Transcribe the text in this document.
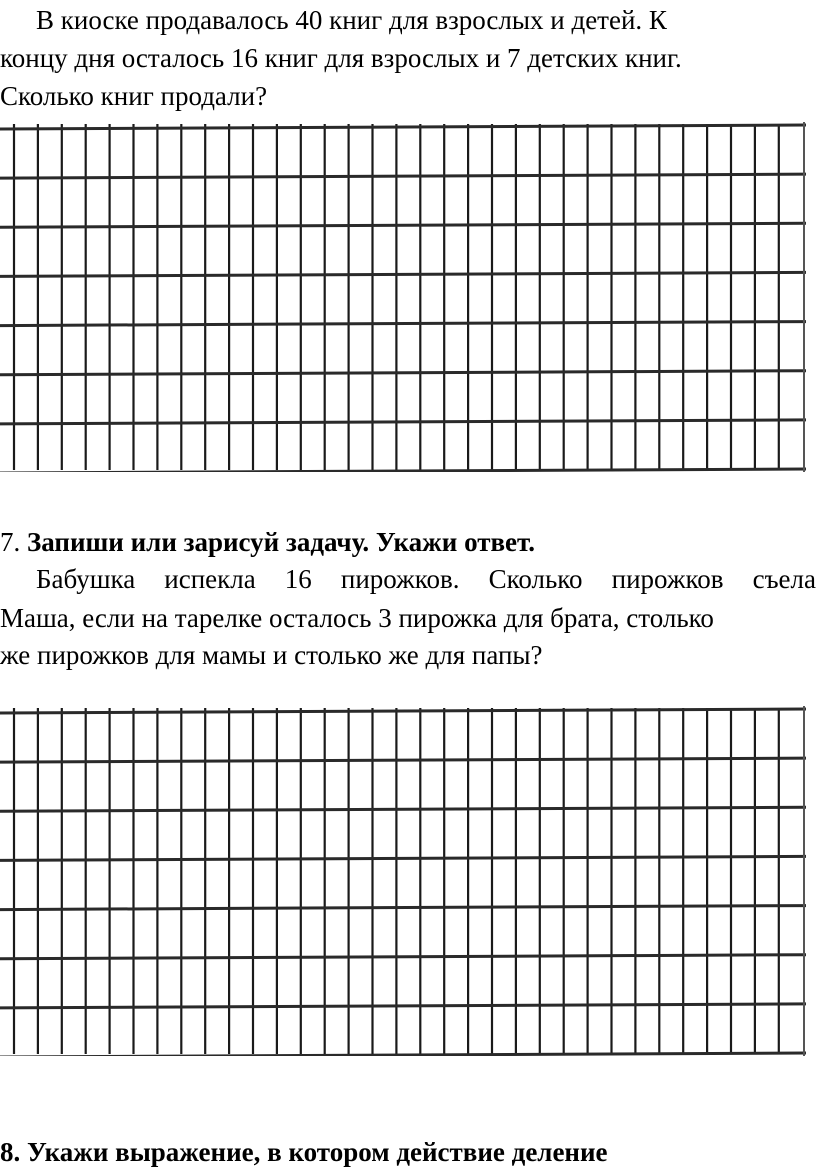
В киоске продавалось 40 книг для взрослых и детей. К
концу дня осталось 16 книг для взрослых и 7 детских книг.
Сколько книг продали?
7. Запиши или зарисуй задачу. Укажи ответ.
Бабушка испекла 16 пирожков. Сколько пирожков съела
Маша, если на тарелке осталось 3 пирожка для брата, столько
же пирожков для мамы и столько же для папы?
8. Укажи выражение, в котором действие деление
